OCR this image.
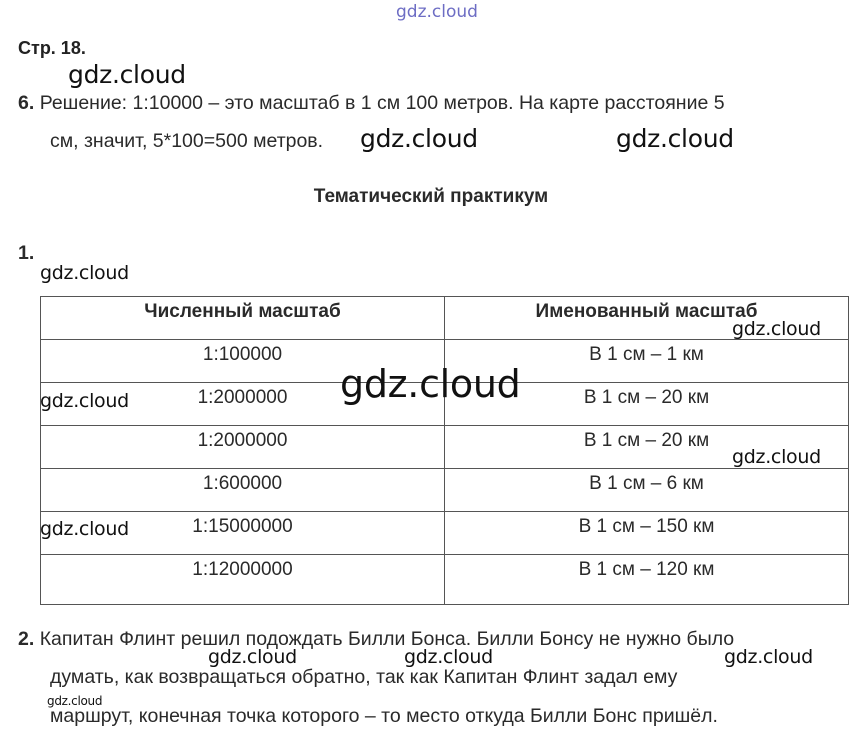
gdz.cloud
Стр. 18.
6. Решение: 1:10000 – это масштаб в 1 см 100 метров. На карте расстояние 5
см, значит, 5*100=500 метров.
Тематический практикум
1.
Численный масштаб	Именованный масштаб
1:100000	В 1 см – 1 км
1:2000000	В 1 см – 20 км
1:2000000	В 1 см – 20 км
1:600000	В 1 см – 6 км
1:15000000	В 1 см – 150 км
1:12000000	В 1 см – 120 км
2. Капитан Флинт решил подождать Билли Бонса. Билли Бонсу не нужно было
думать, как возвращаться обратно, так как Капитан Флинт задал ему
маршрут, конечная точка которого – то место откуда Билли Бонс пришёл.
gdz.cloud
gdz.cloud	gdz.cloud
gdz.cloud
gdz.cloud
gdz.cloud
gdz.cloud
gdz.cloud
gdz.cloud
gdz.cloud	gdz.cloud	gdz.cloud
gdz.cloud
